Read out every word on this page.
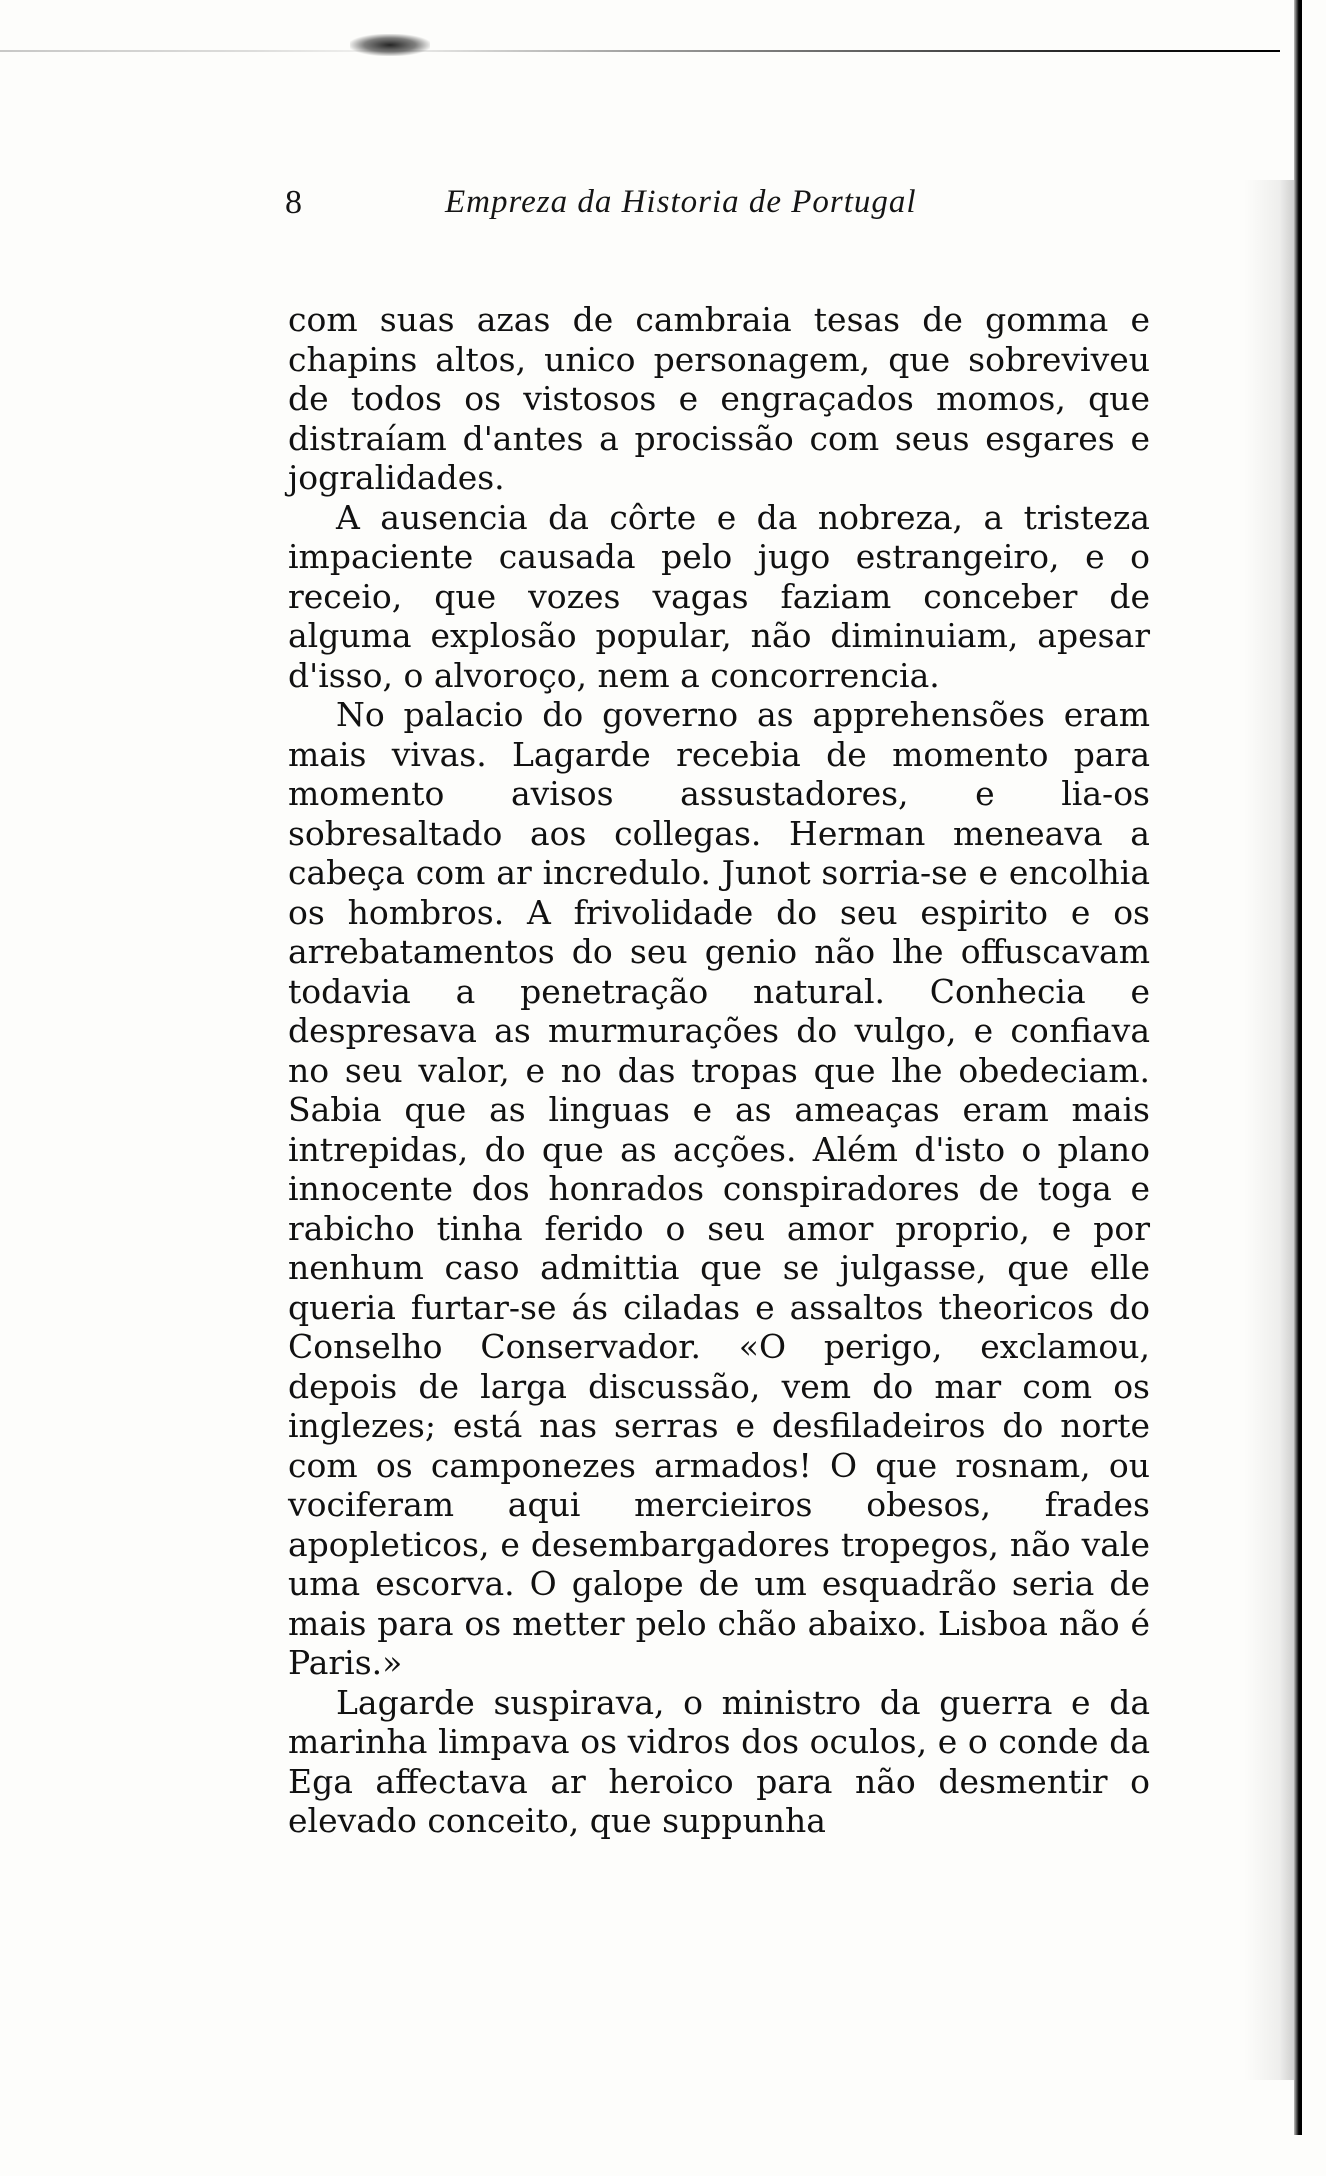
8	Empreza da Historia de Portugal

com suas azas de cambraia tesas de gomma e chapins altos, unico personagem, que sobreviveu de todos os vistosos e engraçados momos, que distraíam d'antes a procissão com seus esgares e jogralidades.

A ausencia da côrte e da nobreza, a tristeza impaciente causada pelo jugo estrangeiro, e o receio, que vozes vagas faziam conceber de alguma explosão popular, não diminuiam, apesar d'isso, o alvoroço, nem a concorrencia.

No palacio do governo as apprehensões eram mais vivas. Lagarde recebia de momento para momento avisos assustadores, e lia-os sobresaltado aos collegas. Herman meneava a cabeça com ar incredulo. Junot sorria-se e encolhia os hombros. A frivolidade do seu espirito e os arrebatamentos do seu genio não lhe offuscavam todavia a penetração natural. Conhecia e despresava as murmurações do vulgo, e confiava no seu valor, e no das tropas que lhe obedeciam. Sabia que as linguas e as ameaças eram mais intrepidas, do que as acções. Além d'isto o plano innocente dos honrados conspiradores de toga e rabicho tinha ferido o seu amor proprio, e por nenhum caso admittia que se julgasse, que elle queria furtar-se ás ciladas e assaltos theoricos do Conselho Conservador. «O perigo, exclamou, depois de larga discussão, vem do mar com os inglezes; está nas serras e desfiladeiros do norte com os camponezes armados! O que rosnam, ou vociferam aqui mercieiros obesos, frades apopleticos, e desembargadores tropegos, não vale uma escorva. O galope de um esquadrão seria de mais para os metter pelo chão abaixo. Lisboa não é Paris.»

Lagarde suspirava, o ministro da guerra e da marinha limpava os vidros dos oculos, e o conde da Ega affectava ar heroico para não desmentir o elevado conceito, que suppunha
